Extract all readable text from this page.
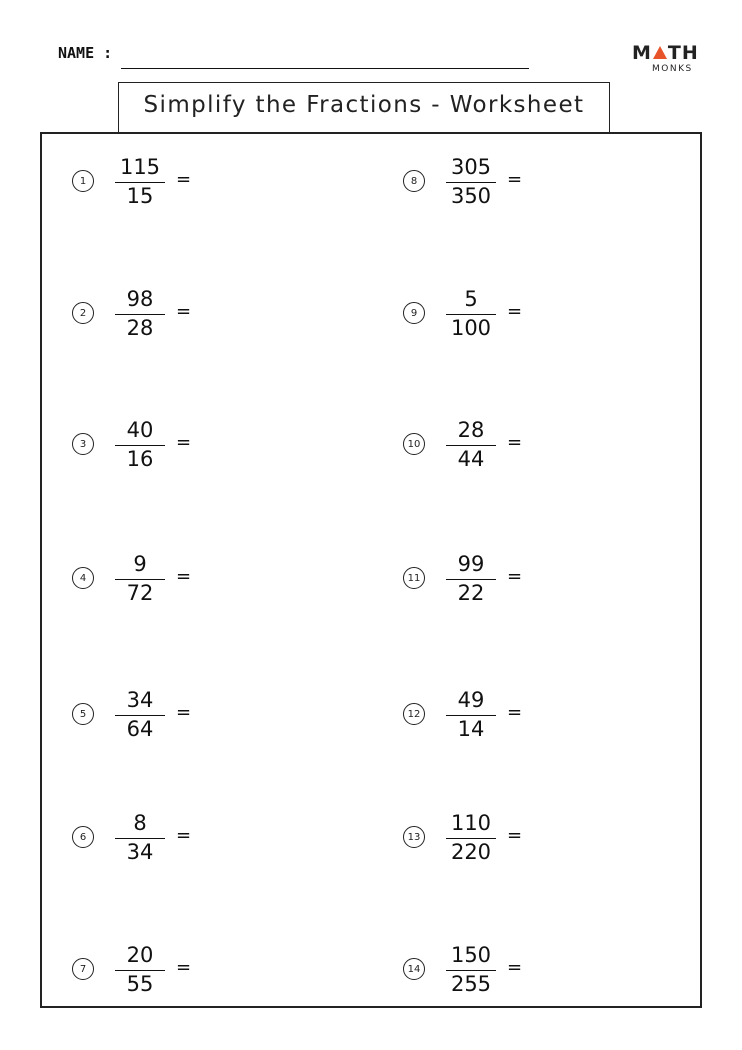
NAME :	M TH
MONKS
Simplify the Fractions - Worksheet
1
115
15
=
2
98
28
=
3
40
16
=
4
9
72
=
5
34
64
=
6
8
34
=
7
20
55
=
8
305
350
=
9
5
100
=
10
28
44
=
11
99
22
=
12
49
14
=
13
110
220
=
14
150
255
=
